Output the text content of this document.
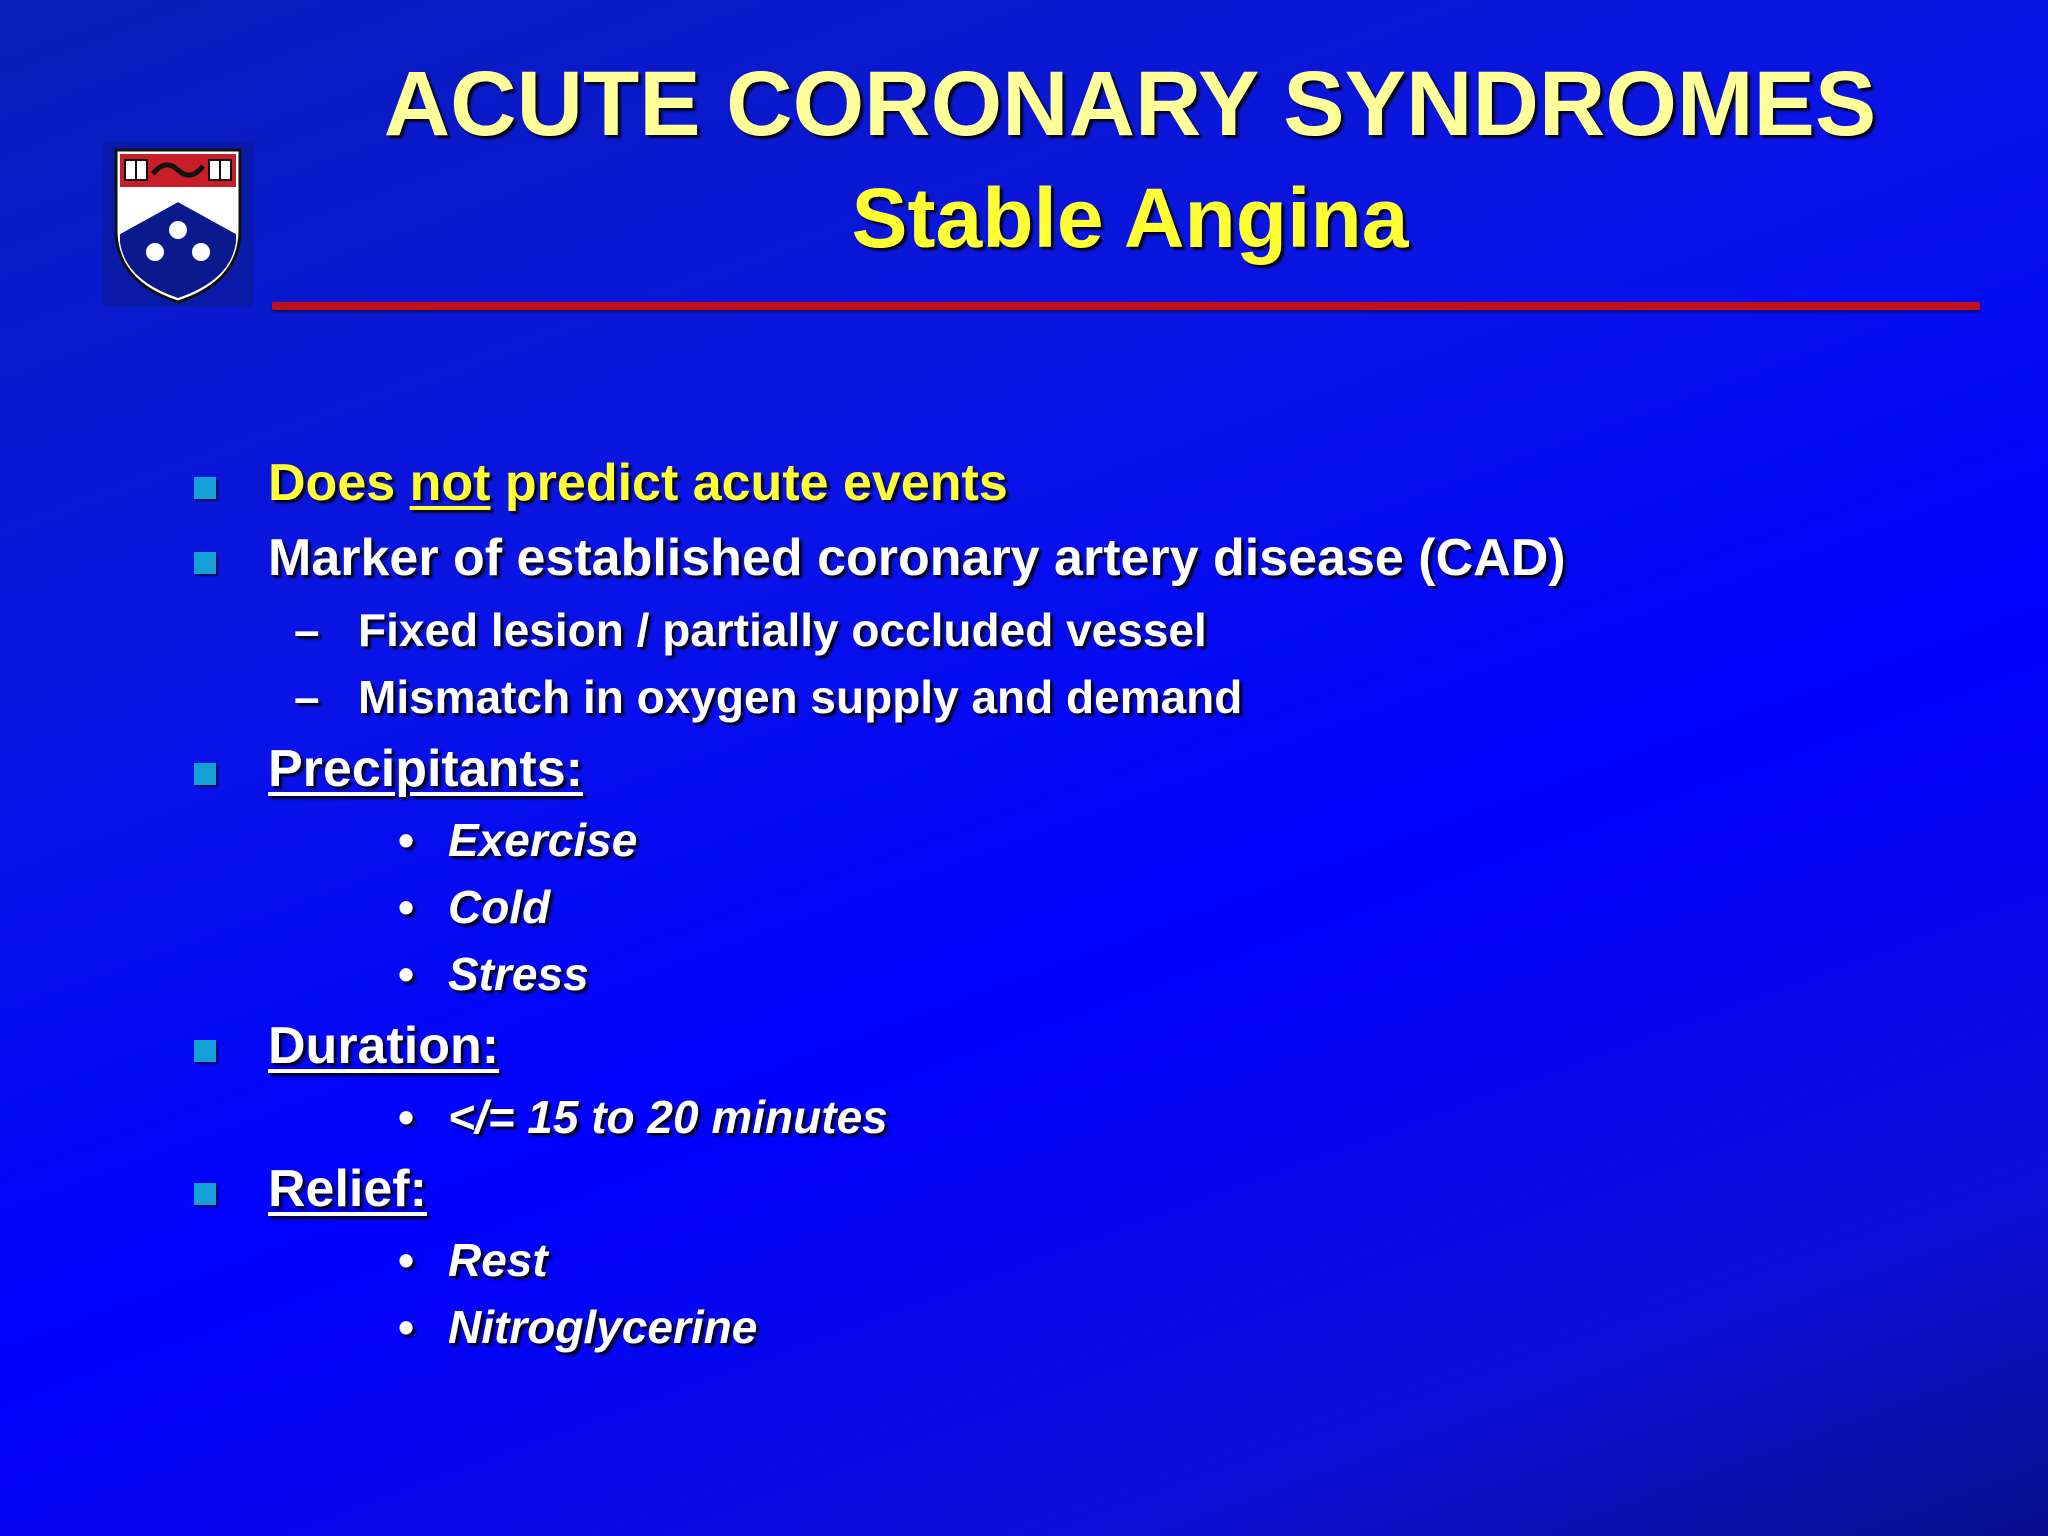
ACUTE CORONARY SYNDROMES
Stable Angina
Does not predict acute events
Marker of established coronary artery disease (CAD)
– Fixed lesion / partially occluded vessel
– Mismatch in oxygen supply and demand
Precipitants:
• Exercise
• Cold
• Stress
Duration:
• </= 15 to 20 minutes
Relief:
• Rest
• Nitroglycerine
